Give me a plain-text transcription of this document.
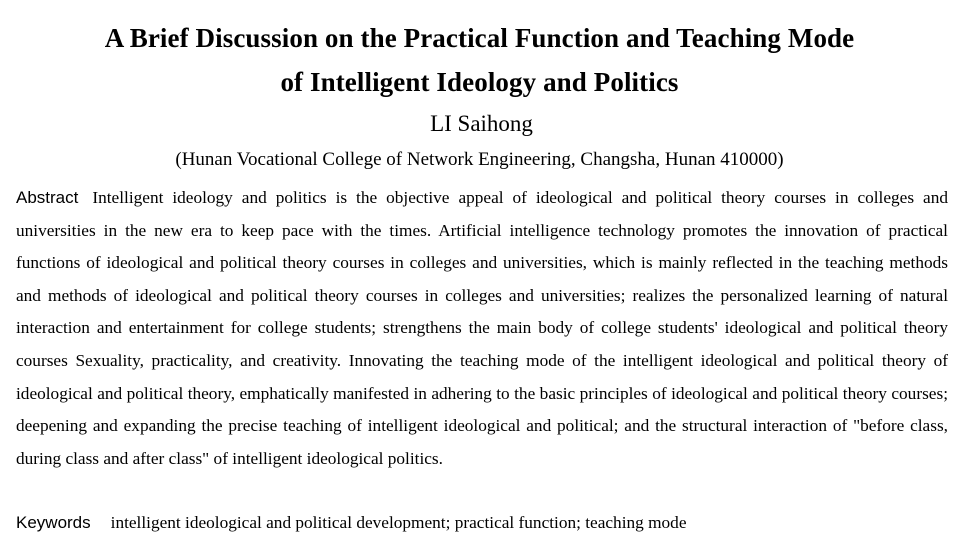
A Brief Discussion on the Practical Function and Teaching Mode
of Intelligent Ideology and Politics
LI Saihong
(Hunan Vocational College of Network Engineering, Changsha, Hunan 410000)
Abstract Intelligent ideology and politics is the objective appeal of ideological and political theory courses in colleges and universities in the new era to keep pace with the times. Artificial intelligence technology promotes the innovation of practical functions of ideological and political theory courses in colleges and universities, which is mainly reflected in the teaching methods and methods of ideological and political theory courses in colleges and universities; realizes the personalized learning of natural interaction and entertainment for college students; strengthens the main body of college students' ideological and political theory courses Sexuality, practicality, and creativity. Innovating the teaching mode of the intelligent ideological and political theory of ideological and political theory, emphatically manifested in adhering to the basic principles of ideological and political theory courses; deepening and expanding the precise teaching of intelligent ideological and political; and the structural interaction of "before class, during class and after class" of intelligent ideological politics.
Keywords intelligent ideological and political development; practical function; teaching mode
